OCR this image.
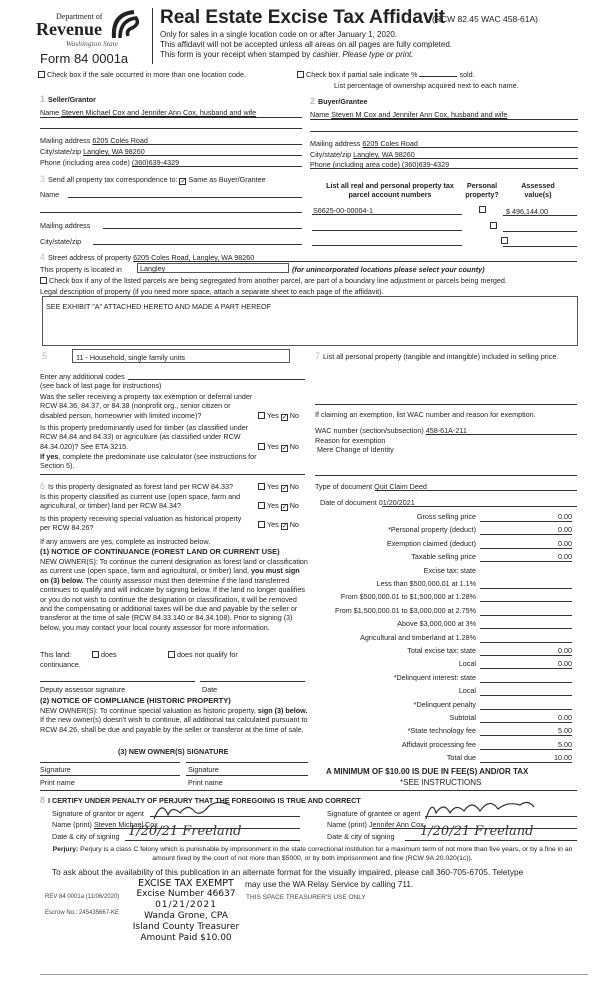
Department of
Revenue
Washington State
Form 84 0001a
Real Estate Excise Tax Affidavit
(RCW 82.45 WAC 458-61A)
Only for sales in a single location code on or after January 1, 2020.
This affidavit will not be accepted unless all areas on all pages are fully completed.
This form is your receipt when stamped by cashier. Please type or print.
Check box if the sale occurred in more than one location code.	Check box if partial sale indicate %	sold.
List percentage of ownership acquired next to each name.
1 Seller/Grantor
Name Steven Michael Cox and Jennifer Ann Cox, husband and wife
Mailing address 6205 Coles Road
City/state/zip Langley, WA 98260
Phone (including area code) (360)639-4329
2 Buyer/Grantee
Name Steven M Cox and Jennifer Ann Cox, husband and wife
Mailing address 6205 Coles Road
City/state/zip Langley, WA 98260
Phone (including area code) (360)639-4329
3 Send all property tax correspondence to: ✓ Same as Buyer/Grantee
Name
Mailing address
City/state/zip
List all real and personal property tax
parcel account numbers
Personal
property?
Assessed
value(s)
S6625-00-00004-1
	$ 496,144.00

4 Street address of property 6205 Coles Road, Langley, WA 98260
This property is located in	Langley	(for unincorporated locations please select your county)
Check box if any of the listed parcels are being segregated from another parcel, are part of a boundary line adjustment or parcels being merged.
Legal description of property (if you need more space, attach a separate sheet to each page of the affidavit).
SEE EXHIBIT "A" ATTACHED HERETO AND MADE A PART HEREOF
5	11 - Household, single family units
Enter any additional codes
(see back of last page for instructions)
Was the seller receiving a property tax exemption or deferral under RCW 84.36, 84.37, or 84.38 (nonprofit org., senior citizen or disabled person, homeowner with limited income)?	Yes ✓ No
Is this property predominantly used for timber (as classified under RCW 84.84 and 84.33) or agriculture (as classified under RCW 84.34.020)? See ETA 3215.	Yes ✓ No
If yes, complete the predominate use calculator (see instructions for Section 5).
6 Is this property designated as forest land per RCW 84.33?	Yes ✓ No
Is this property classified as current use (open space, farm and agricultural, or timber) land per RCW 84.34?	Yes ✓ No
Is this property receiving special valuation as historical property per RCW 84.26?	Yes ✓ No
If any answers are yes, complete as instructed below.
(1) NOTICE OF CONTINUANCE (FOREST LAND OR CURRENT USE)
NEW OWNER(S): To continue the current designation as forest land or classification as current use (open space, farm and agricultural, or timber) land, you must sign on (3) below. The county assessor must then determine if the land transferred continues to qualify and will indicate by signing below. If the land no longer qualifies or you do not wish to continue the designation or classification, it will be removed and the compensating or additional taxes will be due and payable by the seller or transferor at the time of sale (RCW 84.33.140 or 84.34.108). Prior to signing (3) below, you may contact your local county assessor for more information.
This land:	does	does not qualify for
continuance.
Deputy assessor signature	Date
(2) NOTICE OF COMPLIANCE (HISTORIC PROPERTY)
NEW OWNER(S): To continue special valuation as historic property, sign (3) below. If the new owner(s) doesn't wish to continue, all additional tax calculated pursuant to RCW 84.26, shall be due and payable by the seller or transferor at the time of sale.
(3) NEW OWNER(S) SIGNATURE
Signature	Signature
Print name	Print name
7 List all personal property (tangible and intangible) included in selling price.
If claiming an exemption, list WAC number and reason for exemption.
WAC number (section/subsection) 458-61A-211
Reason for exemption
Mere Change of Identity
Type of document Quit Claim Deed
Date of document 01/20/2021
Gross selling price	0.00
*Personal property (deduct)	0.00
Exemption claimed (deduct)	0.00
Taxable selling price	0.00
Excise tax: state
Less than $500,000.01 at 1.1%
From $500,000.01 to $1,500,000 at 1.28%
From $1,500,000.01 to $3,000,000 at 2.75%
Above $3,000,000 at 3%
Agricultural and timberland at 1.28%
Total excise tax: state	0.00
Local	0.00
*Delinquent interest: state
Local
*Delinquent penalty
Subtotal	0.00
*State technology fee	5.00
Affidavit processing fee	5.00
Total due	10.00
A MINIMUM OF $10.00 IS DUE IN FEE(S) AND/OR TAX
*SEE INSTRUCTIONS
8 I CERTIFY UNDER PENALTY OF PERJURY THAT THE FOREGOING IS TRUE AND CORRECT
Signature of grantor or agent
Name (print) Steven Michael Cox
Date & city of signing 1/20/21 Freeland
Signature of grantee or agent
Name (print) Jennifer Ann Cox
Date & city of signing 1/20/21 Freeland
Perjury: Perjury is a class C felony which is punishable by imprisonment in the state correctional institution for a maximum term of not more than five years, or by a fine in an amount fixed by the court of not more than $5000, or by both imprisonment and fine (RCW 9A.20.020(1c)).
To ask about the availability of this publication in an alternate format for the visually impaired, please call 360-705-6705. Teletype
may use the WA Relay Service by calling 711.
REV 84 0001a (11/06/2020)
Escrow No.: 245435667-KE
THIS SPACE TREASURER'S USE ONLY
EXCISE TAX EXEMPT
Excise Number 46637
01/21/2021
Wanda Grone, CPA
Island County Treasurer
Amount Paid $10.00
